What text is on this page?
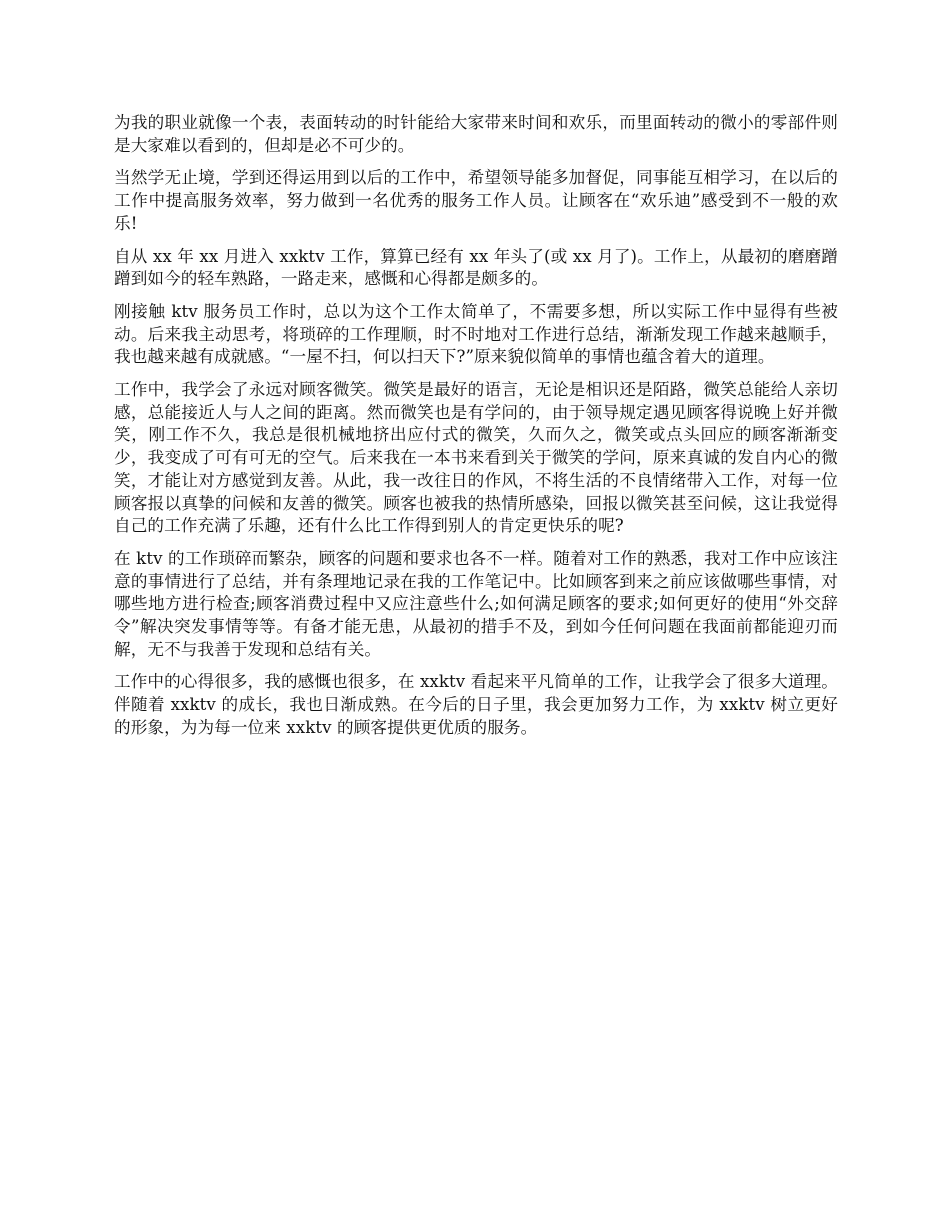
为我的职业就像一个表，表面转动的时针能给大家带来时间和欢乐，而里面转动的微小的零部件则是大家难以看到的，但却是必不可少的。

当然学无止境，学到还得运用到以后的工作中，希望领导能多加督促，同事能互相学习，在以后的工作中提高服务效率，努力做到一名优秀的服务工作人员。让顾客在“欢乐迪”感受到不一般的欢乐!

自从 xx 年 xx 月进入 xxktv 工作，算算已经有 xx 年头了(或 xx 月了)。工作上，从最初的磨磨蹭蹭到如今的轻车熟路，一路走来，感慨和心得都是颇多的。

刚接触 ktv 服务员工作时，总以为这个工作太简单了，不需要多想，所以实际工作中显得有些被动。后来我主动思考，将琐碎的工作理顺，时不时地对工作进行总结，渐渐发现工作越来越顺手，我也越来越有成就感。“一屋不扫，何以扫天下?”原来貌似简单的事情也蕴含着大的道理。

工作中，我学会了永远对顾客微笑。微笑是最好的语言，无论是相识还是陌路，微笑总能给人亲切感，总能接近人与人之间的距离。然而微笑也是有学问的，由于领导规定遇见顾客得说晚上好并微笑，刚工作不久，我总是很机械地挤出应付式的微笑，久而久之，微笑或点头回应的顾客渐渐变少，我变成了可有可无的空气。后来我在一本书来看到关于微笑的学问，原来真诚的发自内心的微笑，才能让对方感觉到友善。从此，我一改往日的作风，不将生活的不良情绪带入工作，对每一位顾客报以真挚的问候和友善的微笑。顾客也被我的热情所感染，回报以微笑甚至问候，这让我觉得自己的工作充满了乐趣，还有什么比工作得到别人的肯定更快乐的呢?

在 ktv 的工作琐碎而繁杂，顾客的问题和要求也各不一样。随着对工作的熟悉，我对工作中应该注意的事情进行了总结，并有条理地记录在我的工作笔记中。比如顾客到来之前应该做哪些事情，对哪些地方进行检查;顾客消费过程中又应注意些什么;如何满足顾客的要求;如何更好的使用“外交辞令”解决突发事情等等。有备才能无患，从最初的措手不及，到如今任何问题在我面前都能迎刃而解，无不与我善于发现和总结有关。

工作中的心得很多，我的感慨也很多，在 xxktv 看起来平凡简单的工作，让我学会了很多大道理。伴随着 xxktv 的成长，我也日渐成熟。在今后的日子里，我会更加努力工作，为 xxktv 树立更好的形象，为为每一位来 xxktv 的顾客提供更优质的服务。
